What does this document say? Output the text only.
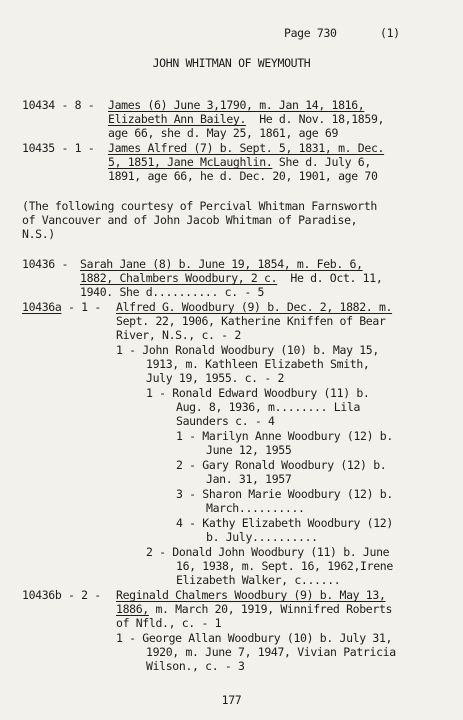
Page 730	(1)
JOHN WHITMAN OF WEYMOUTH
10434 - 8 - James (6) June 3,1790, m. Jan 14, 1816,
Elizabeth Ann Bailey.  He d. Nov. 18,1859,
age 66, she d. May 25, 1861, age 69
10435 - 1 - James Alfred (7) b. Sept. 5, 1831, m. Dec.
5, 1851, Jane McLaughlin. She d. July 6,
1891, age 66, he d. Dec. 20, 1901, age 70
(The following courtesy of Percival Whitman Farnsworth
of Vancouver and of John Jacob Whitman of Paradise,
N.S.)
10436 - Sarah Jane (8) b. June 19, 1854, m. Feb. 6,
1882, Chalmbers Woodbury, 2 c.  He d. Oct. 11,
1940. She d.......... c. - 5
10436a - 1 - Alfred G. Woodbury (9) b. Dec. 2, 1882. m.
Sept. 22, 1906, Katherine Kniffen of Bear
River, N.S., c. - 2
1 - John Ronald Woodbury (10) b. May 15,
1913, m. Kathleen Elizabeth Smith,
July 19, 1955. c. - 2
1 - Ronald Edward Woodbury (11) b.
Aug. 8, 1936, m........ Lila
Saunders c. - 4
1 - Marilyn Anne Woodbury (12) b.
June 12, 1955
2 - Gary Ronald Woodbury (12) b.
Jan. 31, 1957
3 - Sharon Marie Woodbury (12) b.
March..........
4 - Kathy Elizabeth Woodbury (12)
b. July..........
2 - Donald John Woodbury (11) b. June
16, 1938, m. Sept. 16, 1962,Irene
Elizabeth Walker, c......
10436b - 2 - Reginald Chalmers Woodbury (9) b. May 13,
1886, m. March 20, 1919, Winnifred Roberts
of Nfld., c. - 1
1 - George Allan Woodbury (10) b. July 31,
1920, m. June 7, 1947, Vivian Patricia
Wilson., c. - 3
177
